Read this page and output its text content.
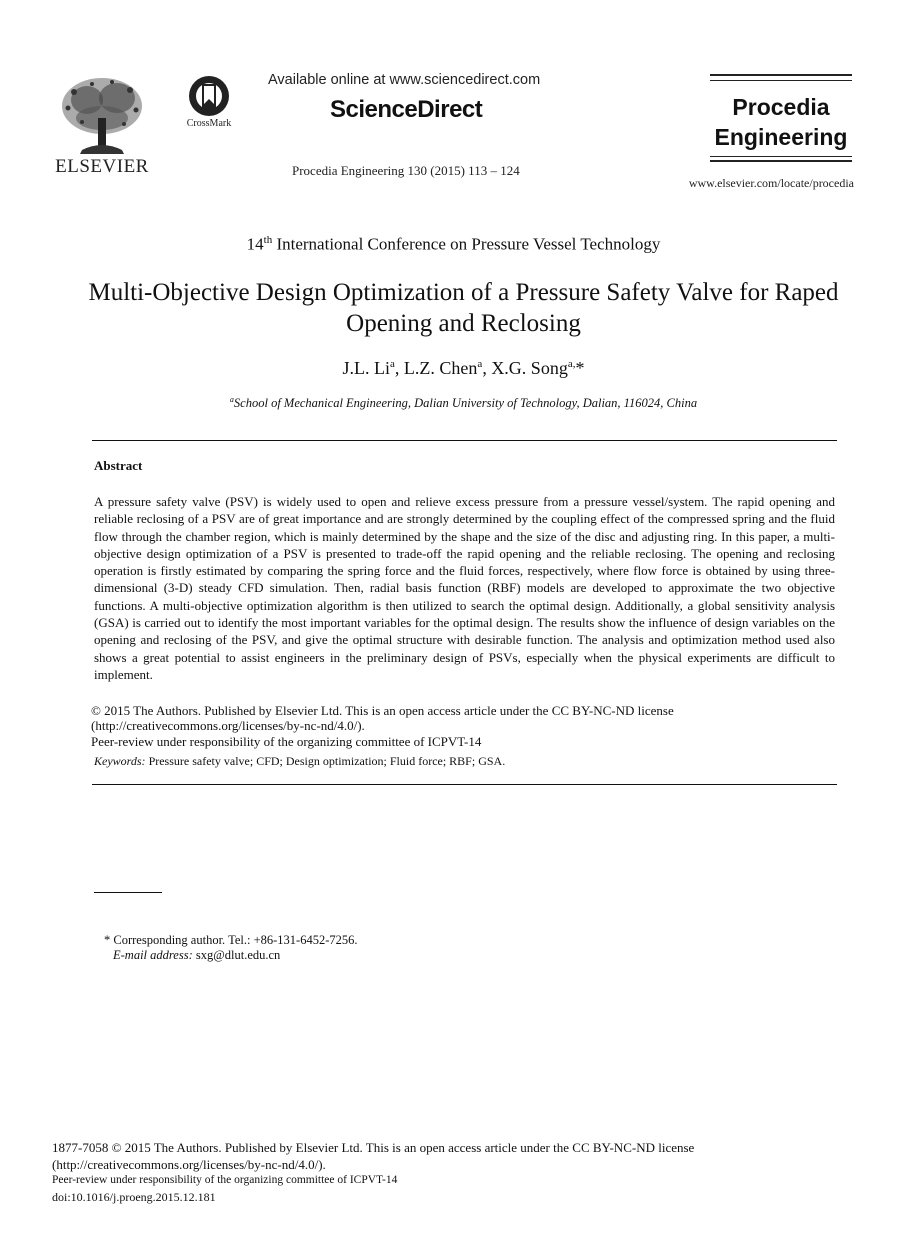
ELSEVIER
CrossMark
Available online at www.sciencedirect.com
ScienceDirect
Procedia Engineering 130 (2015) 113 – 124
Procedia
Engineering
www.elsevier.com/locate/procedia
14th International Conference on Pressure Vessel Technology
Multi-Objective Design Optimization of a Pressure Safety Valve for Raped Opening and Reclosing
J.L. Li$^a$, L.Z. Chen$^a$, X.G. Song$^{a,}$*
$^a$School of Mechanical Engineering, Dalian University of Technology, Dalian, 116024, China
Abstract
A pressure safety valve (PSV) is widely used to open and relieve excess pressure from a pressure vessel/system. The rapid opening and reliable reclosing of a PSV are of great importance and are strongly determined by the coupling effect of the compressed spring and the fluid flow through the chamber region, which is mainly determined by the shape and the size of the disc and adjusting ring. In this paper, a multi-objective design optimization of a PSV is presented to trade-off the rapid opening and the reliable reclosing. The opening and reclosing operation is firstly estimated by comparing the spring force and the fluid forces, respectively, where flow force is obtained by using three-dimensional (3-D) steady CFD simulation. Then, radial basis function (RBF) models are developed to approximate the two objective functions. A multi-objective optimization algorithm is then utilized to search the optimal design. Additionally, a global sensitivity analysis (GSA) is carried out to identify the most important variables for the optimal design. The results show the influence of design variables on the opening and reclosing of the PSV, and give the optimal structure with desirable function. The analysis and optimization method used also shows a great potential to assist engineers in the preliminary design of PSVs, especially when the physical experiments are difficult to implement.
© 2015 The Authors. Published by Elsevier Ltd. This is an open access article under the CC BY-NC-ND license
(http://creativecommons.org/licenses/by-nc-nd/4.0/).
Peer-review under responsibility of the organizing committee of ICPVT-14
Keywords: Pressure safety valve; CFD; Design optimization; Fluid force; RBF; GSA.
* Corresponding author. Tel.: +86-131-6452-7256.
E-mail address: sxg@dlut.edu.cn
1877-7058 © 2015 The Authors. Published by Elsevier Ltd. This is an open access article under the CC BY-NC-ND license
(http://creativecommons.org/licenses/by-nc-nd/4.0/).
Peer-review under responsibility of the organizing committee of ICPVT-14
doi:10.1016/j.proeng.2015.12.181
